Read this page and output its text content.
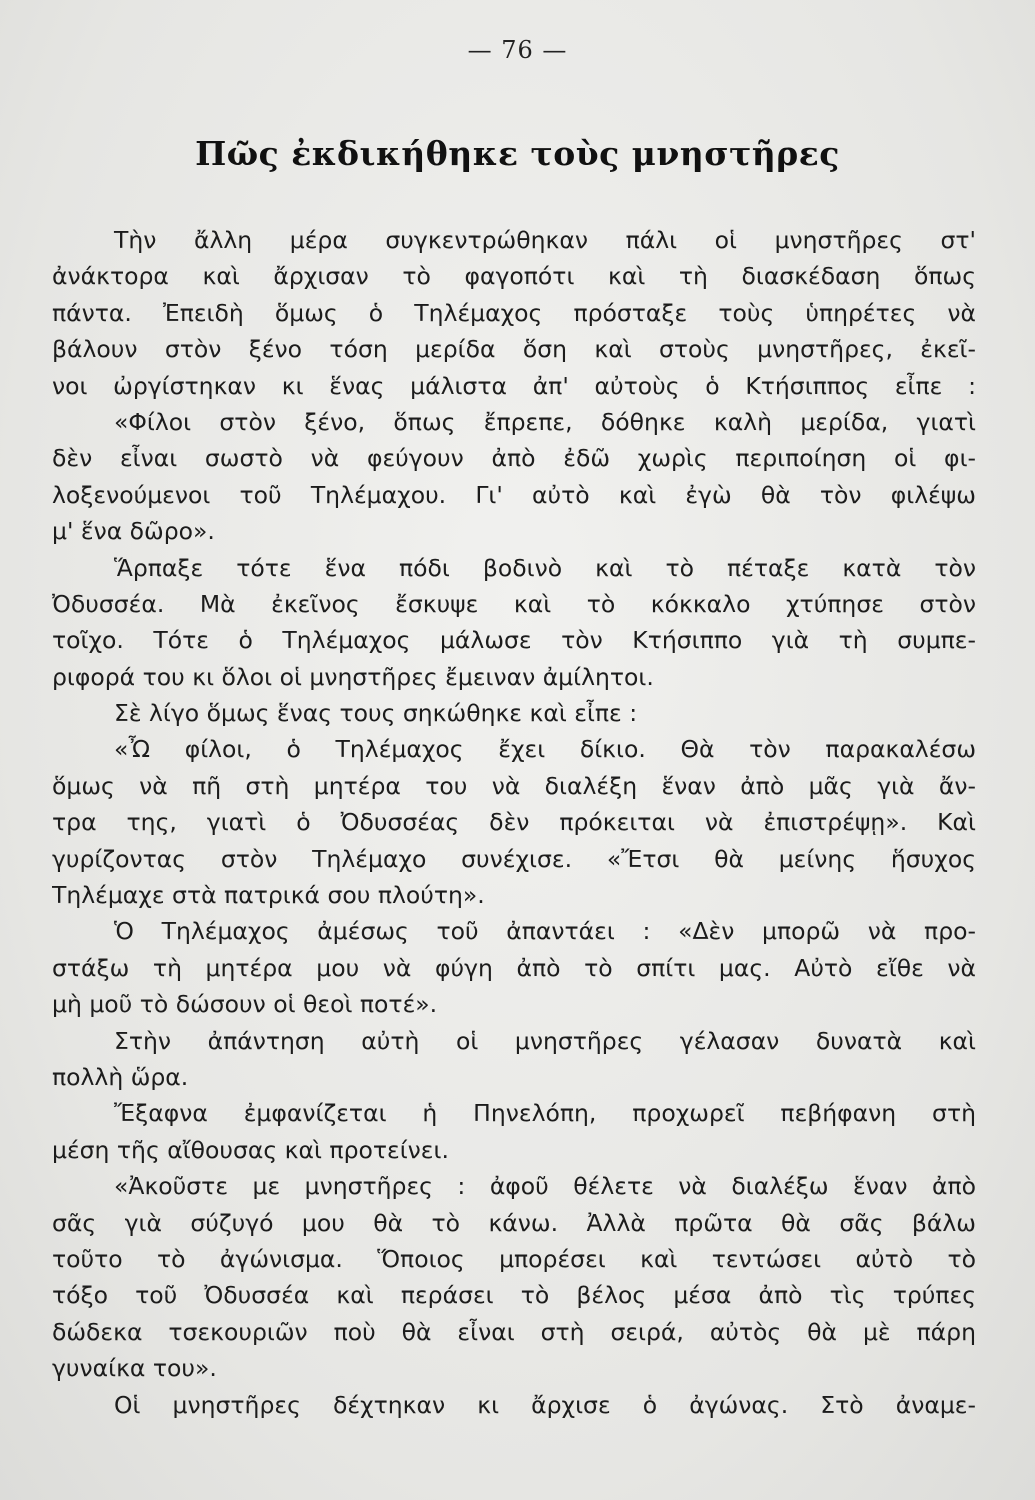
— 76 —
Πῶς ἐκδικήθηκε τοὺς μνηστῆρες
Τὴν ἄλλη μέρα συγκεντρώθηκαν πάλι οἱ μνηστῆρες στ'
ἀνάκτορα καὶ ἄρχισαν τὸ φαγοπότι καὶ τὴ διασκέδαση ὅπως
πάντα. Ἐπειδὴ ὅμως ὁ Τηλέμαχος πρόσταξε τοὺς ὑπηρέτες νὰ
βάλουν στὸν ξένο τόση μερίδα ὅση καὶ στοὺς μνηστῆρες, ἐκεῖ-
νοι ὠργίστηκαν κι ἕνας μάλιστα ἀπ' αὐτοὺς ὁ Κτήσιππος εἶπε :
«Φίλοι στὸν ξένο, ὅπως ἔπρεπε, δόθηκε καλὴ μερίδα, γιατὶ
δὲν εἶναι σωστὸ νὰ φεύγουν ἀπὸ ἐδῶ χωρὶς περιποίηση οἱ φι-
λοξενούμενοι τοῦ Τηλέμαχου. Γι' αὐτὸ καὶ ἐγὼ θὰ τὸν φιλέψω
μ' ἕνα δῶρο».
Ἅρπαξε τότε ἕνα πόδι βοδινὸ καὶ τὸ πέταξε κατὰ τὸν
Ὀδυσσέα. Μὰ ἐκεῖνος ἔσκυψε καὶ τὸ κόκκαλο χτύπησε στὸν
τοῖχο. Τότε ὁ Τηλέμαχος μάλωσε τὸν Κτήσιππο γιὰ τὴ συμπε-
ριφορά του κι ὅλοι οἱ μνηστῆρες ἔμειναν ἀμίλητοι.
Σὲ λίγο ὅμως ἕνας τους σηκώθηκε καὶ εἶπε :
«Ὦ φίλοι, ὁ Τηλέμαχος ἔχει δίκιο. Θὰ τὸν παρακαλέσω
ὅμως νὰ πῆ στὴ μητέρα του νὰ διαλέξη ἕναν ἀπὸ μᾶς γιὰ ἄν-
τρα της, γιατὶ ὁ Ὀδυσσέας δὲν πρόκειται νὰ ἐπιστρέψῃ». Καὶ
γυρίζοντας στὸν Τηλέμαχο συνέχισε. «Ἔτσι θὰ μείνης ἥσυχος
Τηλέμαχε στὰ πατρικά σου πλούτη».
Ὁ Τηλέμαχος ἀμέσως τοῦ ἀπαντάει : «Δὲν μπορῶ νὰ προ-
στάξω τὴ μητέρα μου νὰ φύγη ἀπὸ τὸ σπίτι μας. Αὐτὸ εἴθε νὰ
μὴ μοῦ τὸ δώσουν οἱ θεοὶ ποτέ».
Στὴν ἀπάντηση αὐτὴ οἱ μνηστῆρες γέλασαν δυνατὰ καὶ
πολλὴ ὥρα.
Ἔξαφνα ἐμφανίζεται ἡ Πηνελόπη, προχωρεῖ πεβήφανη στὴ
μέση τῆς αἴθουσας καὶ προτείνει.
«Ἀκοῦστε με μνηστῆρες : ἀφοῦ θέλετε νὰ διαλέξω ἕναν ἀπὸ
σᾶς γιὰ σύζυγό μου θὰ τὸ κάνω. Ἀλλὰ πρῶτα θὰ σᾶς βάλω
τοῦτο τὸ ἀγώνισμα. Ὅποιος μπορέσει καὶ τεντώσει αὐτὸ τὸ
τόξο τοῦ Ὀδυσσέα καὶ περάσει τὸ βέλος μέσα ἀπὸ τὶς τρύπες
δώδεκα τσεκουριῶν ποὺ θὰ εἶναι στὴ σειρά, αὐτὸς θὰ μὲ πάρη
γυναίκα του».
Οἱ μνηστῆρες δέχτηκαν κι ἄρχισε ὁ ἀγώνας. Στὸ ἀναμε-
